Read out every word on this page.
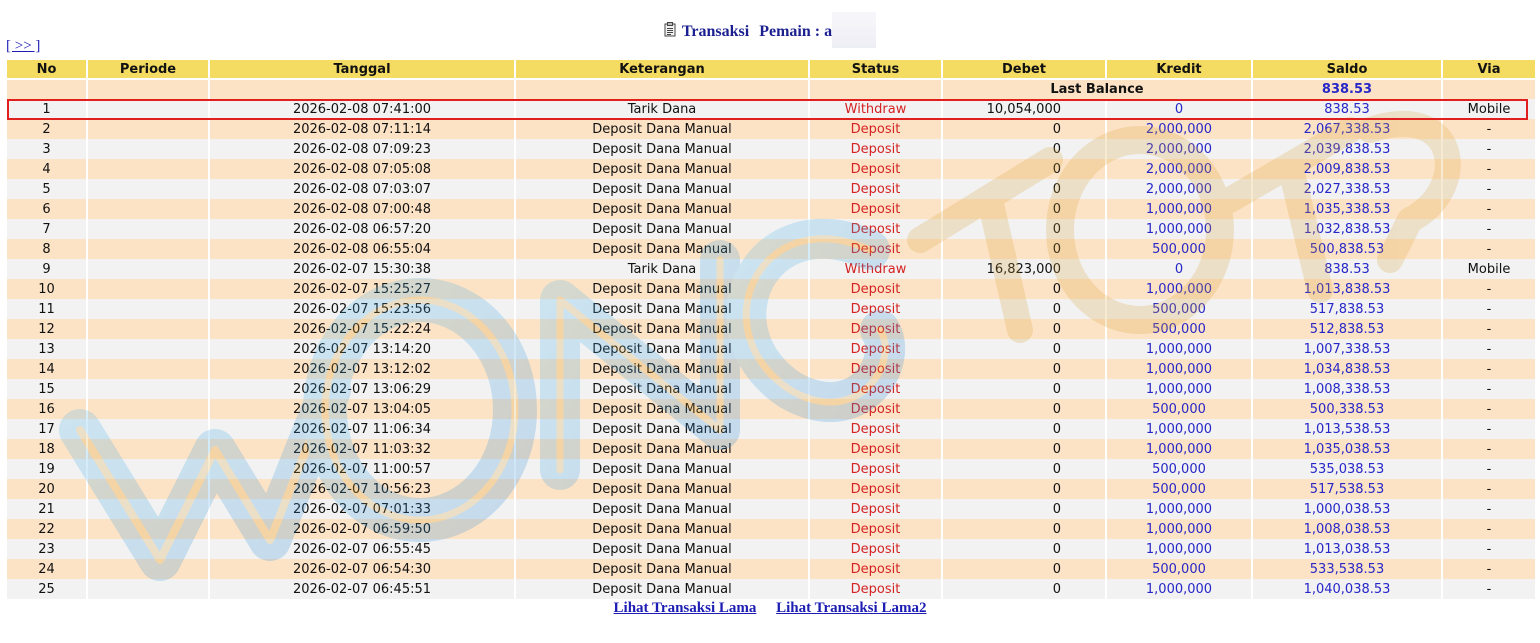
Transaksi Pemain : a
[ >> ]
No	Periode	Tanggal	Keterangan	Status	Debet	Kredit	Saldo	Via
					Last Balance		838.53	
1		2026-02-08 07:41:00	Tarik Dana	Withdraw	10,054,000	0	838.53	Mobile
2		2026-02-08 07:11:14	Deposit Dana Manual	Deposit	0	2,000,000	2,067,338.53	-
3		2026-02-08 07:09:23	Deposit Dana Manual	Deposit	0	2,000,000	2,039,838.53	-
4		2026-02-08 07:05:08	Deposit Dana Manual	Deposit	0	2,000,000	2,009,838.53	-
5		2026-02-08 07:03:07	Deposit Dana Manual	Deposit	0	2,000,000	2,027,338.53	-
6		2026-02-08 07:00:48	Deposit Dana Manual	Deposit	0	1,000,000	1,035,338.53	-
7		2026-02-08 06:57:20	Deposit Dana Manual	Deposit	0	1,000,000	1,032,838.53	-
8		2026-02-08 06:55:04	Deposit Dana Manual	Deposit	0	500,000	500,838.53	-
9		2026-02-07 15:30:38	Tarik Dana	Withdraw	16,823,000	0	838.53	Mobile
10		2026-02-07 15:25:27	Deposit Dana Manual	Deposit	0	1,000,000	1,013,838.53	-
11		2026-02-07 15:23:56	Deposit Dana Manual	Deposit	0	500,000	517,838.53	-
12		2026-02-07 15:22:24	Deposit Dana Manual	Deposit	0	500,000	512,838.53	-
13		2026-02-07 13:14:20	Deposit Dana Manual	Deposit	0	1,000,000	1,007,338.53	-
14		2026-02-07 13:12:02	Deposit Dana Manual	Deposit	0	1,000,000	1,034,838.53	-
15		2026-02-07 13:06:29	Deposit Dana Manual	Deposit	0	1,000,000	1,008,338.53	-
16		2026-02-07 13:04:05	Deposit Dana Manual	Deposit	0	500,000	500,338.53	-
17		2026-02-07 11:06:34	Deposit Dana Manual	Deposit	0	1,000,000	1,013,538.53	-
18		2026-02-07 11:03:32	Deposit Dana Manual	Deposit	0	1,000,000	1,035,038.53	-
19		2026-02-07 11:00:57	Deposit Dana Manual	Deposit	0	500,000	535,038.53	-
20		2026-02-07 10:56:23	Deposit Dana Manual	Deposit	0	500,000	517,538.53	-
21		2026-02-07 07:01:33	Deposit Dana Manual	Deposit	0	1,000,000	1,000,038.53	-
22		2026-02-07 06:59:50	Deposit Dana Manual	Deposit	0	1,000,000	1,008,038.53	-
23		2026-02-07 06:55:45	Deposit Dana Manual	Deposit	0	1,000,000	1,013,038.53	-
24		2026-02-07 06:54:30	Deposit Dana Manual	Deposit	0	500,000	533,538.53	-
25		2026-02-07 06:45:51	Deposit Dana Manual	Deposit	0	1,000,000	1,040,038.53	-
Lihat Transaksi Lama Lihat Transaksi Lama2
